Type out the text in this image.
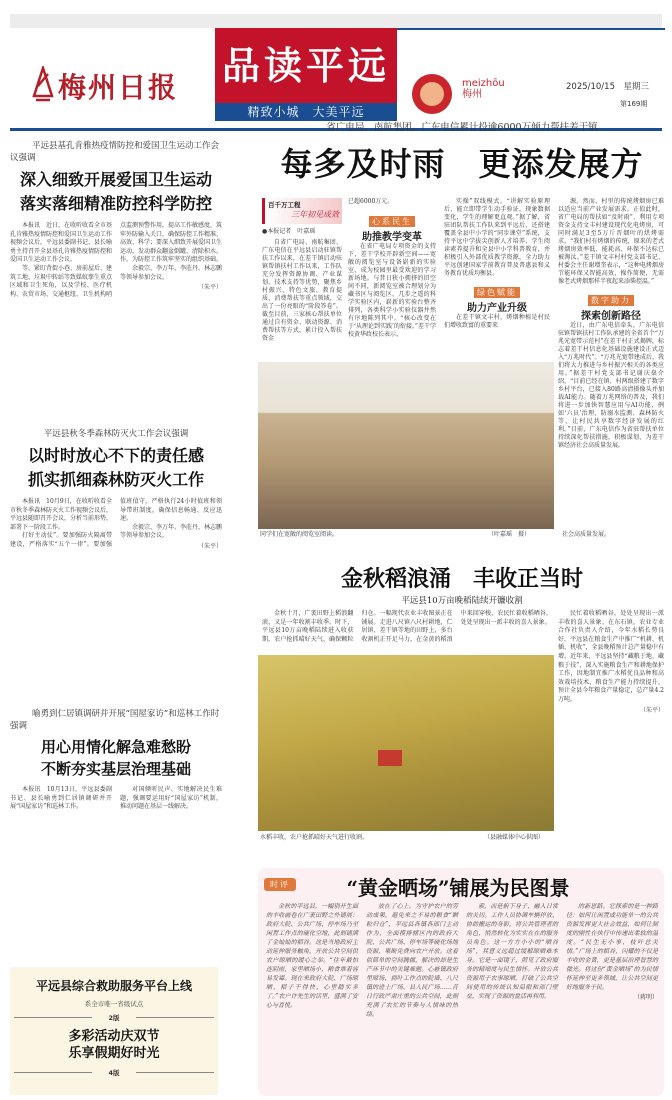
梅州日报 品读平远
精致小城　大美平远
meizhōu
梅州
2025/10/15　星期三
第169期
平远县基孔肯雅热疫情防控和爱国卫生运动工作会议强调
深入细致开展爱国卫生运动
落实落细精准防控科学防控

本报讯　近日，在收听收看全市基孔肯雅热疫情防控和爱国卫生运动工作视频会议后，平远县委副书记、县长喻勇主持召开全县基孔肯雅热疫情防控和爱国卫生运动工作会议。

等，紧盯背街小巷、房前屋后、建筑工地、垃圾中转站等致媒蚊孳生重点区域和卫生死角，以及学校、医疗机构、农贸市场、交通枢纽、卫生机构哨点监测预警作用，提高工作敏感度，筑牢外防输入关口，确保防控工作精准、高效、科学；要深入细致开展爱国卫生运动，发动群众翻盆倒罐、清除积水。作，为防控工作筑牢坚实的组织基础。

余毅宗、李万年、李莊丹、林志鹏等领导参加会议。

（朱平）

平远县秋冬季森林防灭火工作会议强调
以时时放心不下的责任感
抓实抓细森林防灭火工作

本报讯　10月9日，在收听收看全市秋冬季森林防灭火工作视频会议后，平远县随即召开会议，分析当前形势，部署下一阶段工作。

打好主动仗”。要加强防火隔离带建设，严格落实“五个一律”。要加强值班值守，严格执行24小时值班和领导带班制度，确保信息畅通、反应迅速。

余毅宗、李万年、李莊丹、林志鹏等领导参加会议。

（朱平）

喻勇到仁居镇调研并开展“国屋家访”和巡林工作时强调
用心用情化解急难愁盼
不断夯实基层治理基础

本报讯　10月13日，平远县委副书记、县长喻勇到仁居镇调研并开展“国屋家访”和巡林工作。

对国倾听民声、实地解决民生难题，强调要运用好“国屋家访”机制，推动问题在基层一线解决。

平远县综合救助服务平台上线
系全市唯一省级试点
2版
多彩活动庆双节
乐享假期好时光
4版
省广电局、南航集团、广东电信累计投逾6000万倾力帮扶差干镇
每多及时雨　更添发展方
百千万工程
三年初见成效
●本报记者　叶嘉瑶

自省广电局、南航集团、广东电信在平远县启动驻镇帮扶工作以来，在差干镇启动驻镇帮镇扶村工作以来，工作队充分发挥资源协调、产业谋划、技术支持等优势，聚焦乡村振兴、特色文旅、教育提质、消费帮扶等重点领域，交出了一份亮眼的“阶段答卷”。截至目前，三家核心帮扶单位通过自有资金、联动资源、消费帮扶等方式，累计投入帮扶资金

已超6000万元。

心系民生
助推教学变革

在省广电局专项资金的支持下，差干学校开辟新空间——宽敞的阅览室与设备崭新的实验室，成为校园里最受欢迎的学习新场地。与昔日狭小拥挤的旧空间不同，新阅览室被合理划分为藏书区与阅览区。几步之遥的科学实验区内，崭新的实验台整齐排列，各类科学小实验仪器井然有序地陈列其中。“核心改变在于‘从理论到实践’的衔接。”差干学校黄华政校长表示。

实操”双线模式。“讲解实验原理后，能立即带学生动手验证，现象数据变化，学生的理解更直观。”据了解，省驻团队帮扶工作队来到平远后，还搭建覆盖全县中小学的“同步课堂”系统，支持平远中学拔尖创新人才培养、学生阅读素养提升和全县中小学科普教育，并积极引入外部优质教学资源，全力助力平远创建国家学前教育普及普惠县和义务教育优质均衡县。

绿色赋能
助力产业升级

在差干镇文丰村，烤烟种植是村民们增收致富的重要来

源。然而，村里的传统烤烟房已难以适应当前产业发展需求。正值此时，省广电局的帮扶如“及时雨”，利用专项资金支持文丰村建设现代化电烤房，可同时满足3至5万斤晋烟叶的烘烤需求。“我们村有烤烟的传统，原来的老式烤烟房效率低、能耗高、环保不达标已被淘汰。”差干镇文丰村村党支部书记、村委会主任谢增奎表示，“这种电烤烟房节能环保又智能高效，操作简便，无需像老式烤烟那样半夜起来添柴控温。”

数字助力
探索创新路径

近日，由广东电信牵头，广东电信驻镇帮镇扶村工作队承建的全省首个“万兆光宽带示范村”在差干村正式揭牌，标志着差干村信息化基础设施建设正式迈入“万兆时代”。“万兆光宽带建成后，我们将大力推进与乡村振兴相关的各类应用。”据差干村党支部书记谢庆燊介绍，“目前已经在镇、村两级搭建了数字乡村平台，已接入80路高清摄像头并加载AI能力。随着万兆网络的普及，我们将进一步加快智慧应用与AI功能，例如‘六员’治理、防溺水监测、森林防火等，让村民共享数字经济发展的红利。”目前，广东电信作为省驻帮扶单位持续深化帮扶措施，积极谋划，为差干镇经济社会高质量发展。

同学们在宽敞的阅览室阅读。	（叶嘉瑶　摄）	社会高质量发展。
金秋稻浪涌　丰收正当时
平远县10万亩晚稻陆续开镰收割

金秋十月，广袤田野上稻浪翻滚，又是一年收割丰收季。时下，平远县10万亩晚稻陆续进入收获期，农户抢抓晴好天气，确保颗粒归仓。一幅现代农业丰收图景正在铺展。走进八尺镇八尺村耕地，仁居镇、差干镇等地的田野上，多台收割机正开足马力，在金黄的稻浪中来回穿梭，农民忙着收稻晒谷，处处呈现出一派丰收的喜人景象。

水稻丰收，农户抢抓晴好天气进行收割。	（县融媒体中心供图）

民忙着收稻晒谷，处处呈现出一派丰收的喜人景象。在东石镇，农业专业合作社负责人介绍，今年水稻长势良好，平远县在粮食生产中推广“机耕、机插、机收”，全县晚稻预计总产量稳中有增。近年来，平远县坚持“藏粮于地、藏粮于技”，深入实施粮食生产和耕地保护工作，因地制宜推广水稻优良品种和高效栽培技术，粮食生产能力持续提升，预计全县今年粮食产量稳定，总产量4.2万吨。

（朱平）

时评	“黄金晒场”铺展为民图景

金秋的平远县，一幅别开生面的丰收画卷在广袤田野之外铺展：政府大院、公共广场、停车场乃至闲置工作点的硬化空地，此刻铺满了金灿灿的稻谷。这是当地政府主动延伸服务触角，开放公共空间供农户晾晒的暖心之举。“往年最怕连阴雨，家里晒场小，粮食堆着容易发霉。现在来政府大院、广场晾晒，稻子干得快，心里踏实多了。”农户许先生的话里，盛满了安心与喜悦。

放在了心上。为守护农户的劳动成果，避免来之不易的粮食“颗粒归仓”，平远县各镇各部门主动作为，全面摸排辖区内的政府大院、公共广场、停车场等硬化场地资源，果断免费向农户开放。这看似简单的空间腾挪，解决的却是生产环节中的关键难题。心悬镇政府里晾场、拥叶工作点的院墙、八尺镇的进士广场、县人民广场……昔日行政严肃庄重的公共空间，此刻充满了农忙的节奏与人情味的热络。

索，而是俯下身子、融入日常的关切。工作人员协调车辆停放、协助搬运的身影，将公共管理者的角色，悄然转化为实实在在的服务员角色。这一方方小小的“晒谷场”，其意义远超过缓解晾晒难本身。它是一面镜子，照见了政府服务的精细度与民生情怀。开放公共资源用于农事晾晒，打破了公共空间使用的传统认知局限和部门壁垒，实现了资源的盘活再利用。

的新思路。它探索的是一种路径：如何让闲置或功能单一的公共资源发挥更大社会效益，如何让制度的刚性在执行中传递出柔软的温度。“民生无小事，枝叶总关情。”广场上的稻谷，闪耀的不仅是丰收的金黄，更是基层治理智慧的微光。将这份“黄金晒场”的为民情怀延伸至更多领域，让公共空间更好地服务于民。

（蒋明）
